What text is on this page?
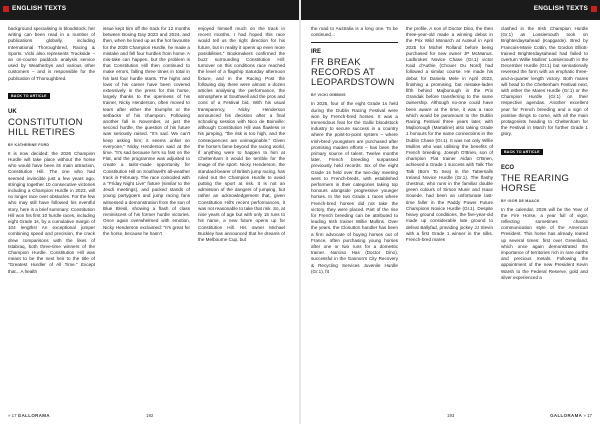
ENGLISH TEXTS

background specialising in bloodstock, her writing can been read in a number of publications globally, including International Thoroughbred, Racing & Sports. Vicki also represents Trackside – an on-course paddock analysis service used by Weatherbys and various other customers – and is responsible for the publication of Thoroughbred.

BACK TO ARTICLE
UK
CONSTITUTION HILL RETIRES
BY KATHERINE FORD

It is now decided: the 2026 Champion Hurdle will take place without the horse who would have been its main attraction, Constitution Hill. The one who had seemed invincible just a few years ago, stringing together 10 consecutive victories including a Champion Hurdle in 2023, will no longer race over obstacles. For the few who may still have followed his eventful story, here is a brief summary: Constitution Hill won his first 10 hurdle races, including eight Grade 1s, by a cumulative margin of 104 lengths! An exceptional jumper combining speed and precision, the crack drew comparisons with the likes of Istabraq, both three-time winners of the Champion Hurdle. Constitution Hill was meant to be the next heir to the title of "Greatest Hurdler of All Time." Except that... A health

issue kept him off the track for 12 months between Boxing Day 2023 and 2024, and then, when he lined up as the hot favourite for the 2025 Champion Hurdle, he made a mistake and fell four hurdles from home. A mis-take can happen, but the problem is that Constitution Hill then continued to make errors, falling three times in total in his last four hurdle starts. The highs and lows of his career have been covered extensively in the press for this horse, largely thanks to the openness of his trainer, Nicky Henderson, often moved to tears after either the triumphs or the setbacks of his champion. Following another fall in November, at just the second hurdle, the question of his future was seriously raised. "It's sad. We can't keep asking him; it seems unfair on everyone," Nicky Henderson said at the time. "It's sad because he's so fast on the Flat, and the programme was adjusted to create a tailor-made opportunity for Constitution Hill on Southwell's all-weather track in February. The race coincided with a "Friday Night Live" fixture (similar to the Jeudi meetings), and packed stands of young partygoers and jump racing fans witnessed a demonstration from the son of Blue Bresil, showing a flash of class reminiscent of his former hurdle victories. Once again overwhelmed with emotion, Nicky Henderson exclaimed: "It's great for the horse, because he hasn't

enjoyed himself much on the track in recent months. I had hoped this race would tell us the right direction for his future, but in reality it opens up even more possibilities." Bookmakers confirmed the buzz surrounding Constitution Hill: turnover on this conditions race reached the level of a flagship Saturday afternoon fixture, and in the Racing Post the following day there were almost a dozen articles analysing the performance, the atmosphere at Southwell and the pros and cons of a Festival bid. With his usual transparency, Nicky Henderson announced his decision after a final schooling session with Nico de Boinville: although Constitution Hill was flawless in his jumping, "the risk is too high, and the consequences are unimaginable." Given the horse's fame beyond the racing world, if anything were to happen to him at Cheltenham it would be terrible for the image of the sport. Nicky Henderson, the standard-bearer of British jump racing, has ruled out the Champion Hurdle to avoid putting the sport at risk. It is not an admission of the dangers of jumping, but rather an acknowledgement that, given Constitution Hill's recent performances, it was not reasonable to take that risk. So, at nine years of age but with only 15 runs to his name, a new future opens up for Constitution Hill. His owner Michael Buckley has announced that he dreams of the Melbourne Cup, but

» 17 GALLORAMA	192
ENGLISH TEXTS

the road to Australia is a long one. To be continued...

IRE
FR BREAK RECORDS AT LEOPARDSTOWN
BY VICKI GIBBINS

In 2025, four of the eight Grade 1s held during the Dublin Racing Festival were won by French-bred horses. It was a tremendous feat for the Gallic bloodstock industry to secure success in a country where the point-to-point system – where Irish-bred youngsters are purchased after promising maiden efforts – has been the primary source of talent. Twelve months later, French breeding surpassed previously held records. Six of the eight Grade 1s held over the two-day meeting went to French-breds, with established performers in their categories taking top honours alongside progressive younger horses. In the two Grade 1 races where French-bred horses did not take the victory, they were placed. Part of the rise for French breeding can be attributed to leading Irish trainer Willie Mullins. Over the years, the Closutton handler has been a firm advocate of buying horses out of France, often purchasing young horses after one or two runs for a domestic trainer. Narciso Has (Doctor Dino), successful in the Gannon's City Recovery & Recycling Services Juvenile Hurdle (Gr.1), fit

the profile. A son of Doctor Dino, the then three-year-old made a winning debut in the Prix Wild Monarch at Auteuil in April 2025 for Michel Rolland before being purchased for new owner JP McManus. Ladbrokes Novice Chase (Gr.1) victor Kaid d'Authie (Chouer Du Nord) had followed a similar course. He made his debut for Daniela Mele in April 2023, finishing a promising, but mistake-laden fifth behind Majborough in the Prix Grandak before transferring to the same ownership. Although no-one could have been aware at the time, it was a race which would be paramount to the Dublin Racing Festival three years later, with Majborough (Martaline) also taking Grade 1 honours for the same connections in the Dublin Chase (Gr.1). It was not only Willie Mullins who was utilising the benefits of French breeding. Joseph O'Brien, son of champion Flat trainer Aidan O'Brien, achieved a Grade 1 success with Talk The Talk (Born To Sea) in the Tattersalls Ireland Novice Hurdle (Gr.1). The flashy chestnut, who runs in the familiar double green colours of Simon Munir and Isaac Souede, had been an unfortunate last-time faller in the Paddy Power Future Champions Novice Hurdle (Gr.1). Despite heavy ground conditions, the five-year-old made up considerable late ground to defeat Ballyfad, providing jockey JJ Slevin with a first Grade 1 winner in the silks. French-bred mares

clashed in the Irish Champion Hurdle (Gr.1) as Lossiemouth took on Brighterdaysahead (Kapgarde). Bred by Francois-Marie Cottin, the Gordon Elliott-trained Brighterdaysahead had failed to overturn Willie Mullins' Lossiemouth in the December Hurdle (Gr.1) but sensationally reversed the form with an emphatic three-and-a-quarter length victory. Both mares will head to the Cheltenham Festival next, with either the Mares Hurdle (Gr.1) or the Champion Hurdle (Gr.1) on their respective agendas. Another excellent year for French breeding and a sign of positive things to come, with all the main protagonists heading to Cheltenham for the Festival in March for further Grade 1 glory.

BACK TO ARTICLE
ECO
THE REARING HORSE
BY IGOR DE MAACK

In the calendar, 2026 will be the Year of the Fire Horse, a year full of vigor, reflecting sometimes chaotic communication style of the American President. This horse has already reared up several times: first over Greenland, which once again demonstrated the importance of territories rich in rare earths and precious metals. Following the appointment of the new President Kevin Warsh to the Federal Reserve, gold and silver experienced a

193	GALLORAMA » 17
